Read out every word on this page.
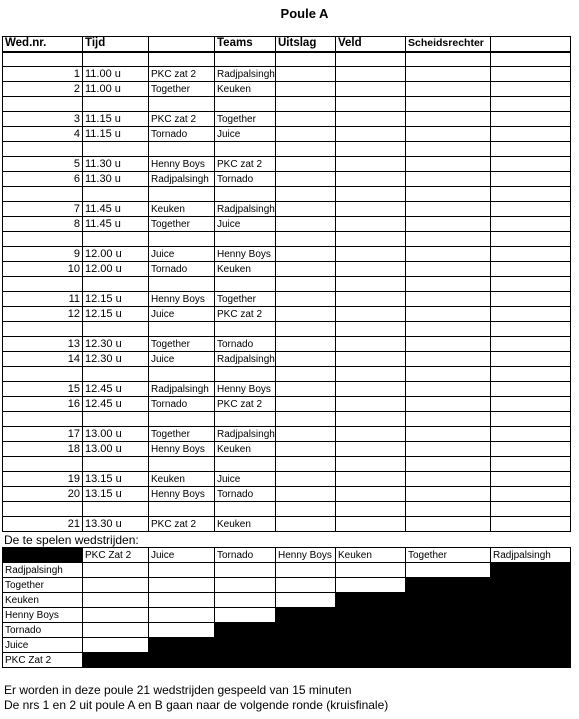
Poule A
Wed.nr.	Tijd		Teams	Uitslag	Veld	Scheidsrechter	

1	11.00 u	PKC zat 2	Radjpalsingh				
2	11.00 u	Together	Keuken				

3	11.15 u	PKC zat 2	Together				
4	11.15 u	Tornado	Juice				

5	11.30 u	Henny Boys	PKC zat 2				
6	11.30 u	Radjpalsingh	Tornado				

7	11.45 u	Keuken	Radjpalsingh				
8	11.45 u	Together	Juice				

9	12.00 u	Juice	Henny Boys				
10	12.00 u	Tornado	Keuken				

11	12.15 u	Henny Boys	Together				
12	12.15 u	Juice	PKC zat 2				

13	12.30 u	Together	Tornado				
14	12.30 u	Juice	Radjpalsingh				

15	12.45 u	Radjpalsingh	Henny Boys				
16	12.45 u	Tornado	PKC zat 2				

17	13.00 u	Together	Radjpalsingh				
18	13.00 u	Henny Boys	Keuken				

19	13.15 u	Keuken	Juice				
20	13.15 u	Henny Boys	Tornado				

21	13.30 u	PKC zat 2	Keuken				
De te spelen wedstrijden:
	PKC Zat 2	Juice	Tornado	Henny Boys	Keuken	Together	Radjpalsingh
Radjpalsingh							
Together							
Keuken							
Henny Boys							
Tornado							
Juice							
PKC Zat 2							
Er worden in deze poule 21 wedstrijden gespeeld van 15 minuten
De nrs 1 en 2 uit poule A en B gaan naar de volgende ronde (kruisfinale)
